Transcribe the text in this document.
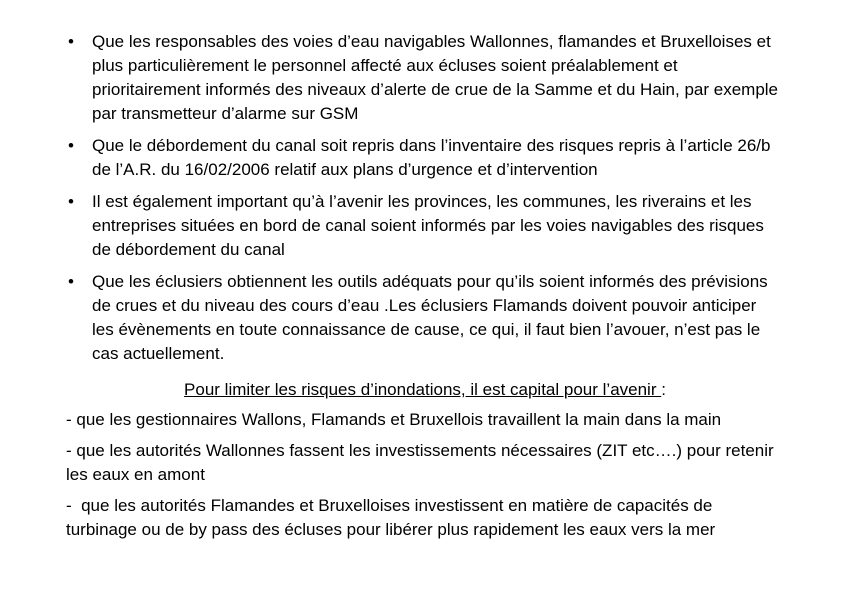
•	Que les responsables des voies d’eau navigables Wallonnes, flamandes et Bruxelloises et plus particulièrement le personnel affecté aux écluses soient préalablement et prioritairement informés des niveaux d’alerte de crue de la Samme et du Hain, par exemple par transmetteur d’alarme sur GSM
•	Que le débordement du canal soit repris dans l’inventaire des risques repris à l’article 26/b de l’A.R. du 16/02/2006 relatif aux plans d’urgence et d’intervention
•	Il est également important qu’à l’avenir les provinces, les communes, les riverains et les entreprises situées en bord de canal soient informés par les voies navigables des risques de débordement du canal
•	Que les éclusiers obtiennent les outils adéquats pour qu’ils soient informés des prévisions de crues et du niveau des cours d’eau .Les éclusiers Flamands doivent pouvoir anticiper les évènements en toute connaissance de cause, ce qui, il faut bien l’avouer, n’est pas le cas actuellement.

Pour limiter les risques d’inondations, il est capital pour l’avenir :

- que les gestionnaires Wallons, Flamands et Bruxellois travaillent la main dans la main

- que les autorités Wallonnes fassent les investissements nécessaires (ZIT etc….) pour retenir les eaux en amont

-  que les autorités Flamandes et Bruxelloises investissent en matière de capacités de turbinage ou de by pass des écluses pour libérer plus rapidement les eaux vers la mer
